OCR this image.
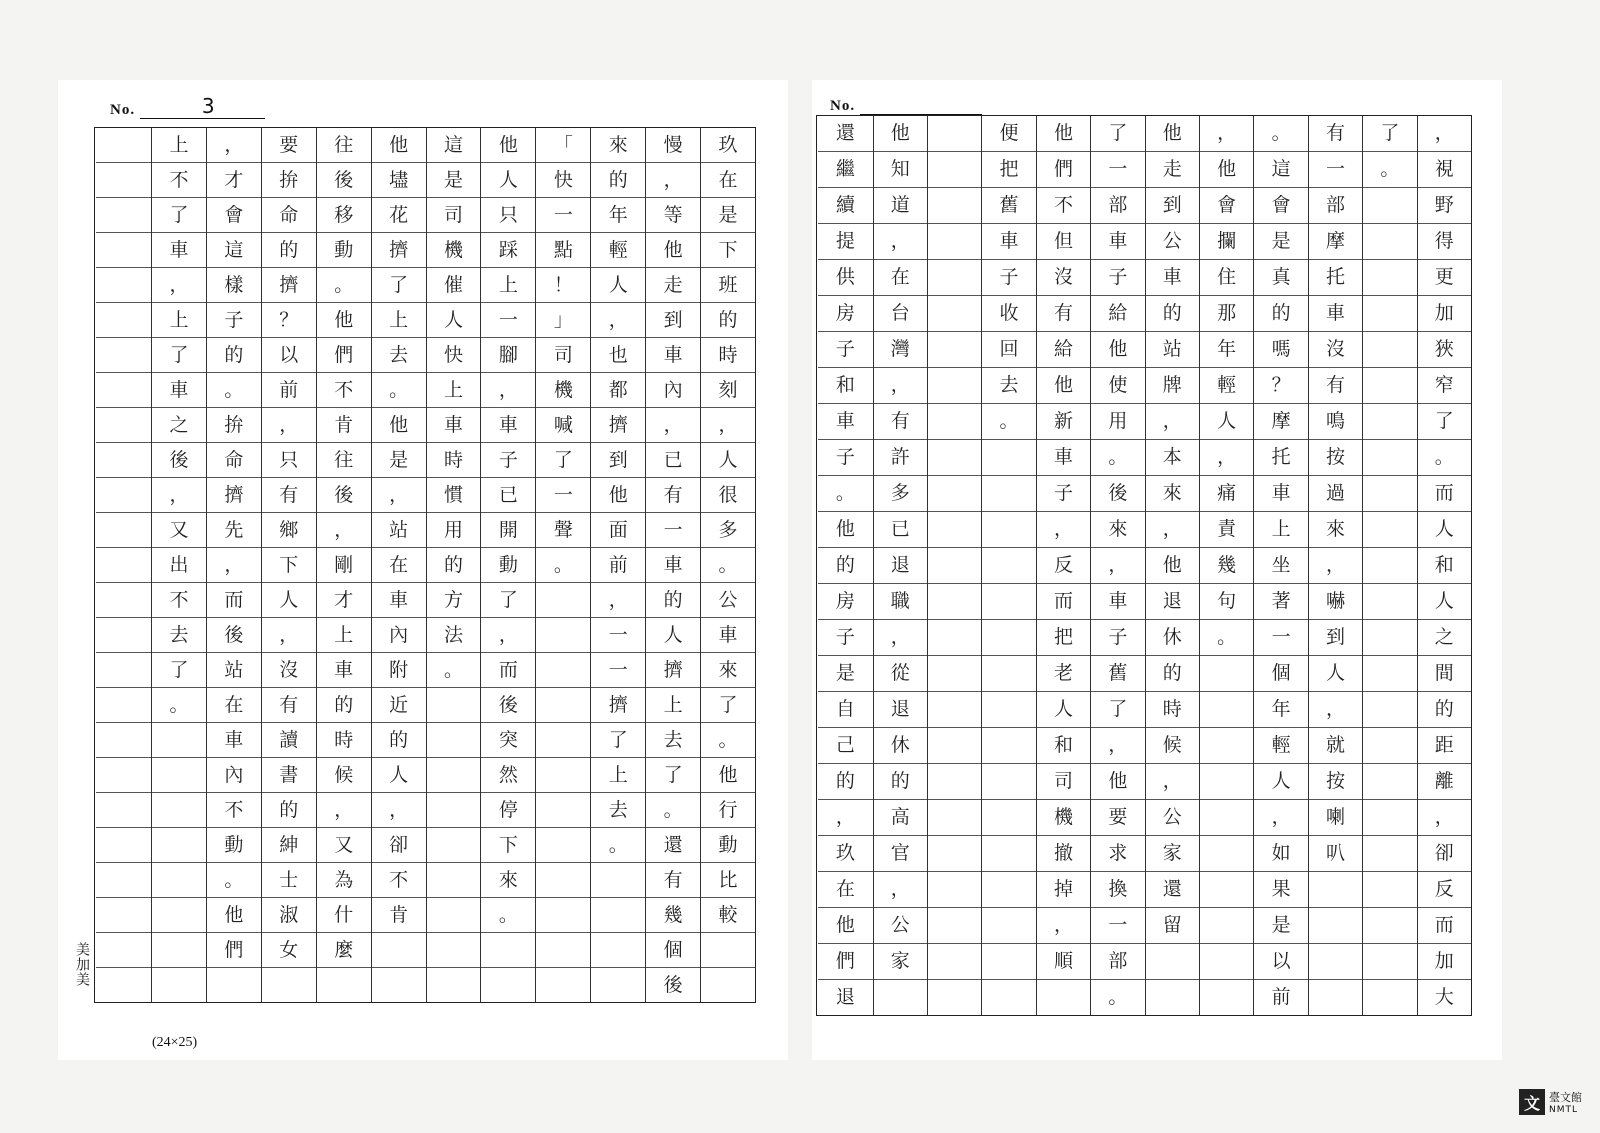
No.	3
玖
在
是
下
班
的
時
刻
，
人
很
多
。
公
車
來
了
。
他
行
動
比
較
慢
，
等
他
走
到
車
內
，
已
有
一
車
的
人
擠
上
去
了
。
還
有
幾
個
後
來
的
年
輕
人
，
也
都
擠
到
他
面
前
，
一
一
擠
了
上
去
。
「
快
一
點
！
」
司
機
喊
了
一
聲
。
他
人
只
踩
上
一
腳
，
車
子
已
開
動
了
，
而
後
突
然
停
下
來
。
這
是
司
機
催
人
快
上
車
時
慣
用
的
方
法
。
他
壗
花
擠
了
上
去
。
他
是
，
站
在
車
內
附
近
的
人
，
卻
不
肯
往
後
移
動
。
他
們
不
肯
往
後
，
剛
才
上
車
的
時
候
，
又
為
什
麼
要
拚
命
的
擠
？
以
前
，
只
有
鄉
下
人
，
沒
有
讀
書
的
紳
士
淑
女
，
才
會
這
樣
子
的
。
拚
命
擠
先
，
而
後
站
在
車
內
不
動
。
他
們
上
不
了
車
，
上
了
車
之
後
，
又
出
不
去
了
。
美加美
(24×25)
No.
，
視
野
得
更
加
狹
窄
了
。
而
人
和
人
之
間
的
距
離
，
卻
反
而
加
大
了
。
有
一
部
摩
托
車
沒
有
鳴
按
過
來
，
嚇
到
人
，
就
按
喇
叭
。
這
會
是
真
的
嗎
？
摩
托
車
上
坐
著
一
個
年
輕
人
，
如
果
是
以
前
，
他
會
攔
住
那
年
輕
人
，
痛
責
幾
句
。
他
走
到
公
車
的
站
牌
，
本
來
，
他
退
休
的
時
候
，
公
家
還
留
了
一
部
車
子
給
他
使
用
。
後
來
，
車
子
舊
了
，
他
要
求
換
一
部
。
他
們
不
但
沒
有
給
他
新
車
子
，
反
而
把
老
人
和
司
機
撤
掉
，
順
便
把
舊
車
子
收
回
去
。
他
知
道
，
在
台
灣
，
有
許
多
已
退
職
，
從
退
休
的
高
官
，
公
家
還
繼
續
提
供
房
子
和
車
子
。
他
的
房
子
是
自
己
的
，
玖
在
他
們
退
文 臺文館
NMTL
